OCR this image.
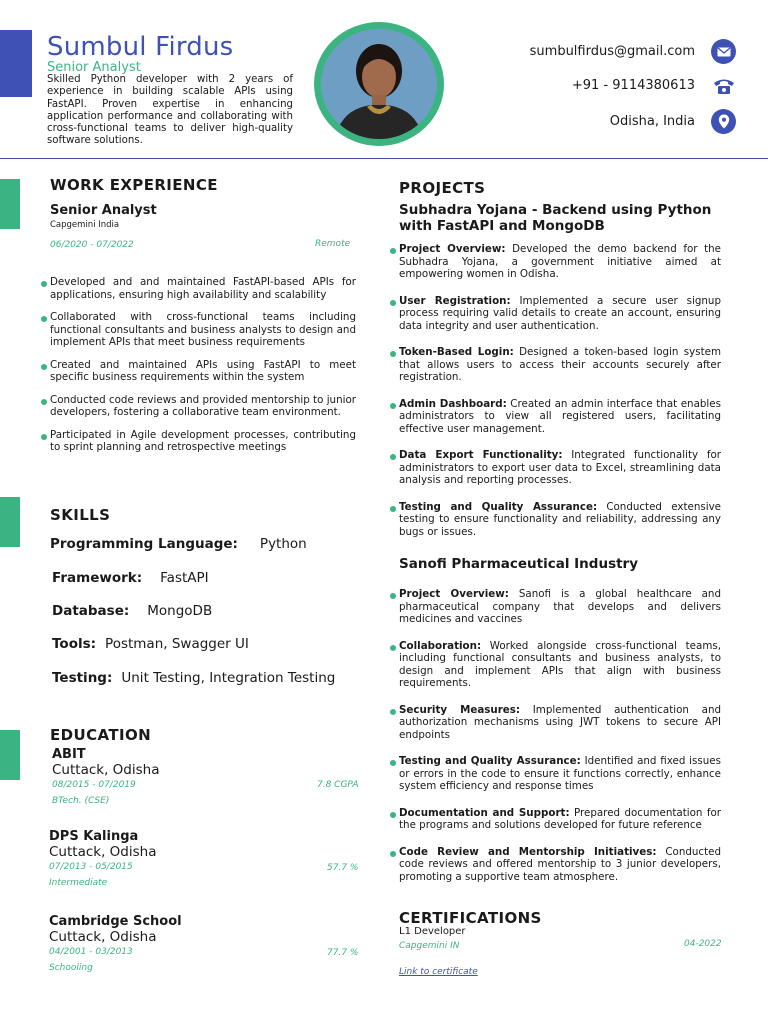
Sumbul Firdus
Senior Analyst
Skilled Python developer with 2 years of experience in building scalable APIs using FastAPI. Proven expertise in enhancing application performance and collaborating with cross-functional teams to deliver high-quality software solutions.
sumbulfirdus@gmail.com
+91 - 9114380613
Odisha, India
WORK EXPERIENCE
Senior Analyst
Capgemini India
06/2020 - 07/2022	Remote
Developed and and maintained FastAPI-based APIs for applications, ensuring high availability and scalability
Collaborated with cross-functional teams including functional consultants and business analysts to design and implement APIs that meet business requirements
Created and maintained APIs using FastAPI to meet specific business requirements within the system
Conducted code reviews and provided mentorship to junior developers, fostering a collaborative team environment.
Participated in Agile development processes, contributing to sprint planning and retrospective meetings
SKILLS
Programming Language: Python
Framework: FastAPI
Database: MongoDB
Tools: Postman, Swagger UI
Testing: Unit Testing, Integration Testing
EDUCATION
ABIT
Cuttack, Odisha
08/2015 - 07/2019	7.8 CGPA
BTech. (CSE)
DPS Kalinga
Cuttack, Odisha
07/2013 - 05/2015	57.7 %
Intermediate
Cambridge School
Cuttack, Odisha
04/2001 - 03/2013	77.7 %
Schooling
PROJECTS
Subhadra Yojana - Backend using Python with FastAPI and MongoDB
Project Overview: Developed the demo backend for the Subhadra Yojana, a government initiative aimed at empowering women in Odisha.
User Registration: Implemented a secure user signup process requiring valid details to create an account, ensuring data integrity and user authentication.
Token-Based Login: Designed a token-based login system that allows users to access their accounts securely after registration.
Admin Dashboard: Created an admin interface that enables administrators to view all registered users, facilitating effective user management.
Data Export Functionality: Integrated functionality for administrators to export user data to Excel, streamlining data analysis and reporting processes.
Testing and Quality Assurance: Conducted extensive testing to ensure functionality and reliability, addressing any bugs or issues.
Sanofi Pharmaceutical Industry
Project Overview: Sanofi is a global healthcare and pharmaceutical company that develops and delivers medicines and vaccines
Collaboration: Worked alongside cross-functional teams, including functional consultants and business analysts, to design and implement APIs that align with business requirements.
Security Measures: Implemented authentication and authorization mechanisms using JWT tokens to secure API endpoints
Testing and Quality Assurance: Identified and fixed issues or errors in the code to ensure it functions correctly, enhance system efficiency and response times
Documentation and Support: Prepared documentation for the programs and solutions developed for future reference
Code Review and Mentorship Initiatives: Conducted code reviews and offered mentorship to 3 junior developers, promoting a supportive team atmosphere.
CERTIFICATIONS
L1 Developer
Capgemini IN	04-2022
Link to certificate
